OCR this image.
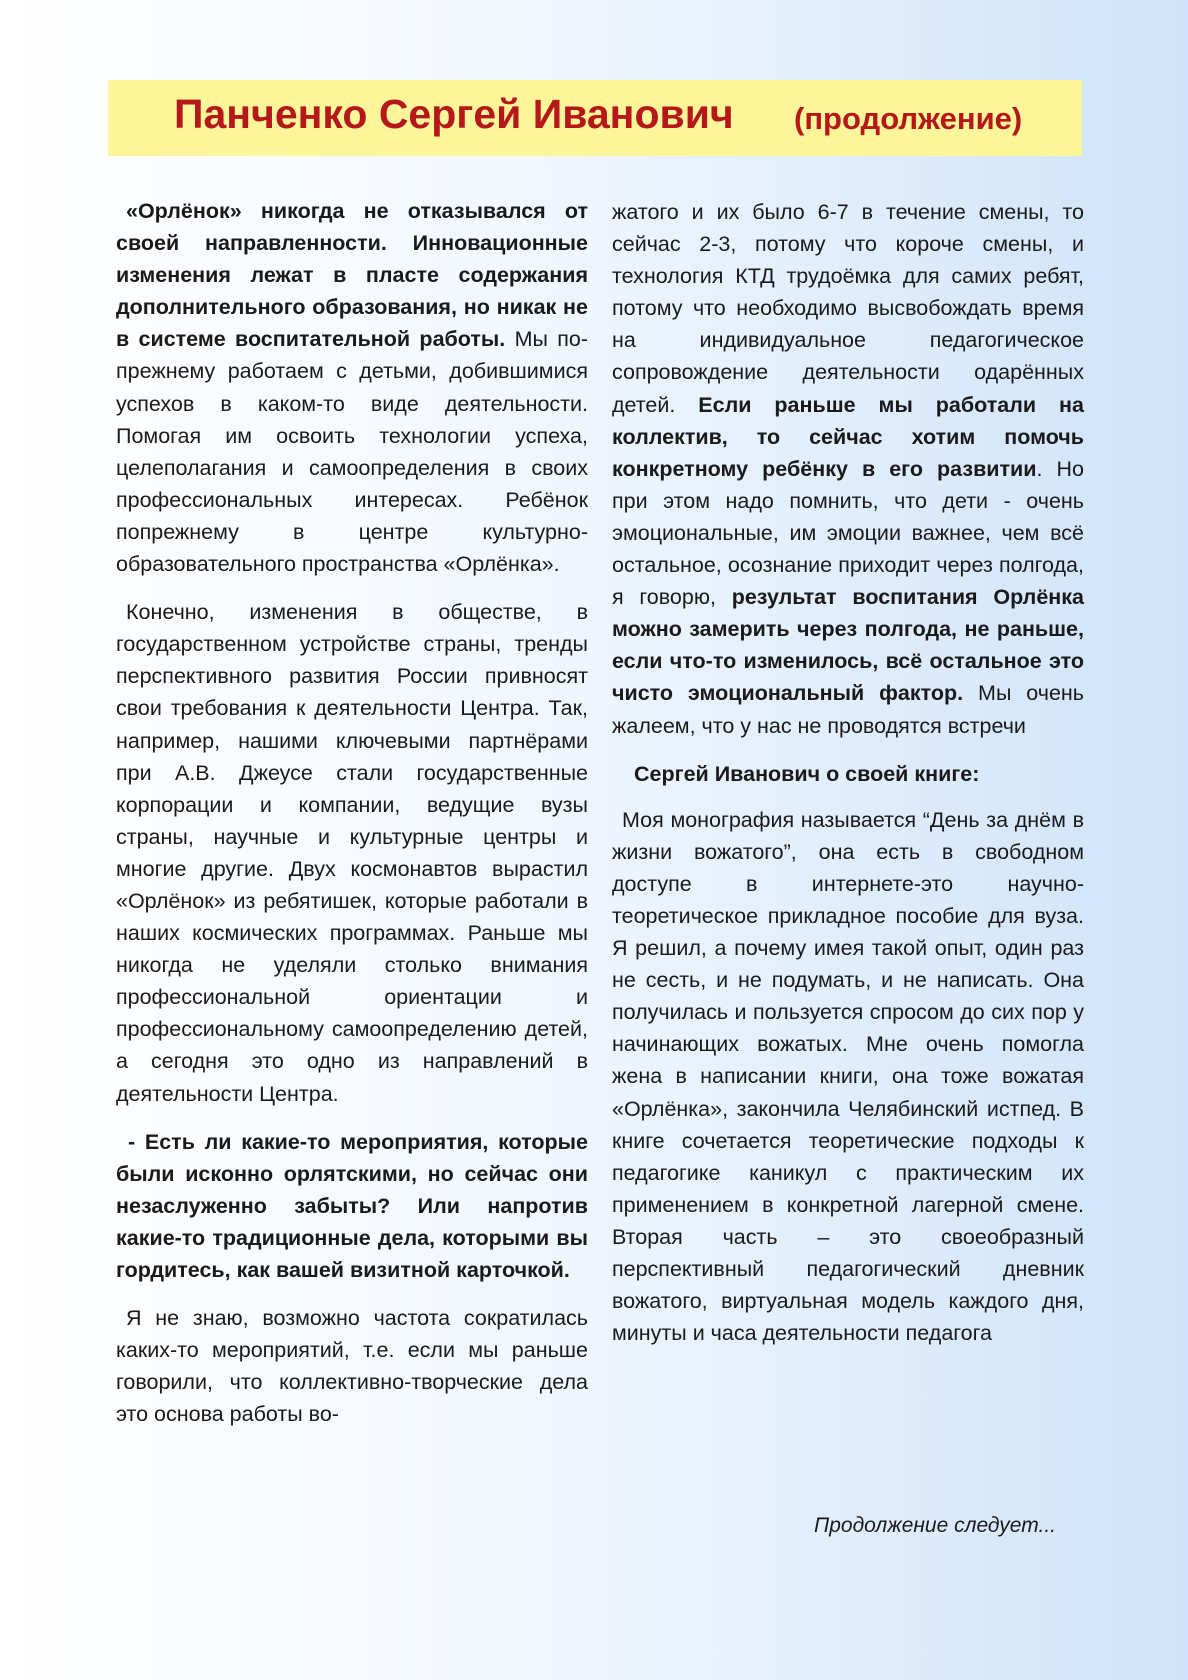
Панченко Сергей Иванович (продолжение)

«Орлёнок» никогда не отказывался от своей направленности. Инновационные изменения лежат в пласте содержания дополнительного образования, но никак не в системе воспитательной работы. Мы по-прежнему работаем с детьми, добившимися успехов в каком-то виде деятельности. Помогая им освоить технологии успеха, целеполагания и самоопределения в своих профессиональных интересах. Ребёнок попрежнему в центре культурно-образовательного пространства «Орлёнка».

Конечно, изменения в обществе, в государственном устройстве страны, тренды перспективного развития России привносят свои требования к деятельности Центра. Так, например, нашими ключевыми партнёрами при А.В. Джеусе стали государственные корпорации и компании, ведущие вузы страны, научные и культурные центры и многие другие. Двух космонавтов вырастил «Орлёнок» из ребятишек, которые работали в наших космических программах. Раньше мы никогда не уделяли столько внимания профессиональной ориентации и профессиональному самоопределению детей, а сегодня это одно из направлений в деятельности Центра.

- Есть ли какие-то мероприятия, которые были исконно орлятскими, но сейчас они незаслуженно забыты? Или напротив какие-то традиционные дела, которыми вы гордитесь, как вашей визитной карточкой.

Я не знаю, возможно частота сократилась каких-то мероприятий, т.е. если мы раньше говорили, что коллективно-творческие дела это основа работы во-

жатого и их было 6-7 в течение смены, то сейчас 2-3, потому что короче смены, и технология КТД трудоёмка для самих ребят, потому что необходимо высвобождать время на индивидуальное педагогическое сопровождение деятельности одарённых детей. Если раньше мы работали на коллектив, то сейчас хотим помочь конкретному ребёнку в его развитии. Но при этом надо помнить, что дети - очень эмоциональные, им эмоции важнее, чем всё остальное, осознание приходит через полгода, я говорю, результат воспитания Орлёнка можно замерить через полгода, не раньше, если что-то изменилось, всё остальное это чисто эмоциональный фактор. Мы очень жалеем, что у нас не проводятся встречи

Сергей Иванович о своей книге:

Моя монография называется “День за днём в жизни вожатого”, она есть в свободном доступе в интернете-это научно-теоретическое прикладное пособие для вуза. Я решил, а почему имея такой опыт, один раз не сесть, и не подумать, и не написать. Она получилась и пользуется спросом до сих пор у начинающих вожатых. Мне очень помогла жена в написании книги, она тоже вожатая «Орлёнка», закончила Челябинский истпед. В книге сочетается теоретические подходы к педагогике каникул с практическим их применением в конкретной лагерной смене. Вторая часть – это своеобразный перспективный педагогический дневник вожатого, виртуальная модель каждого дня, минуты и часа деятельности педагога

Продолжение следует...
